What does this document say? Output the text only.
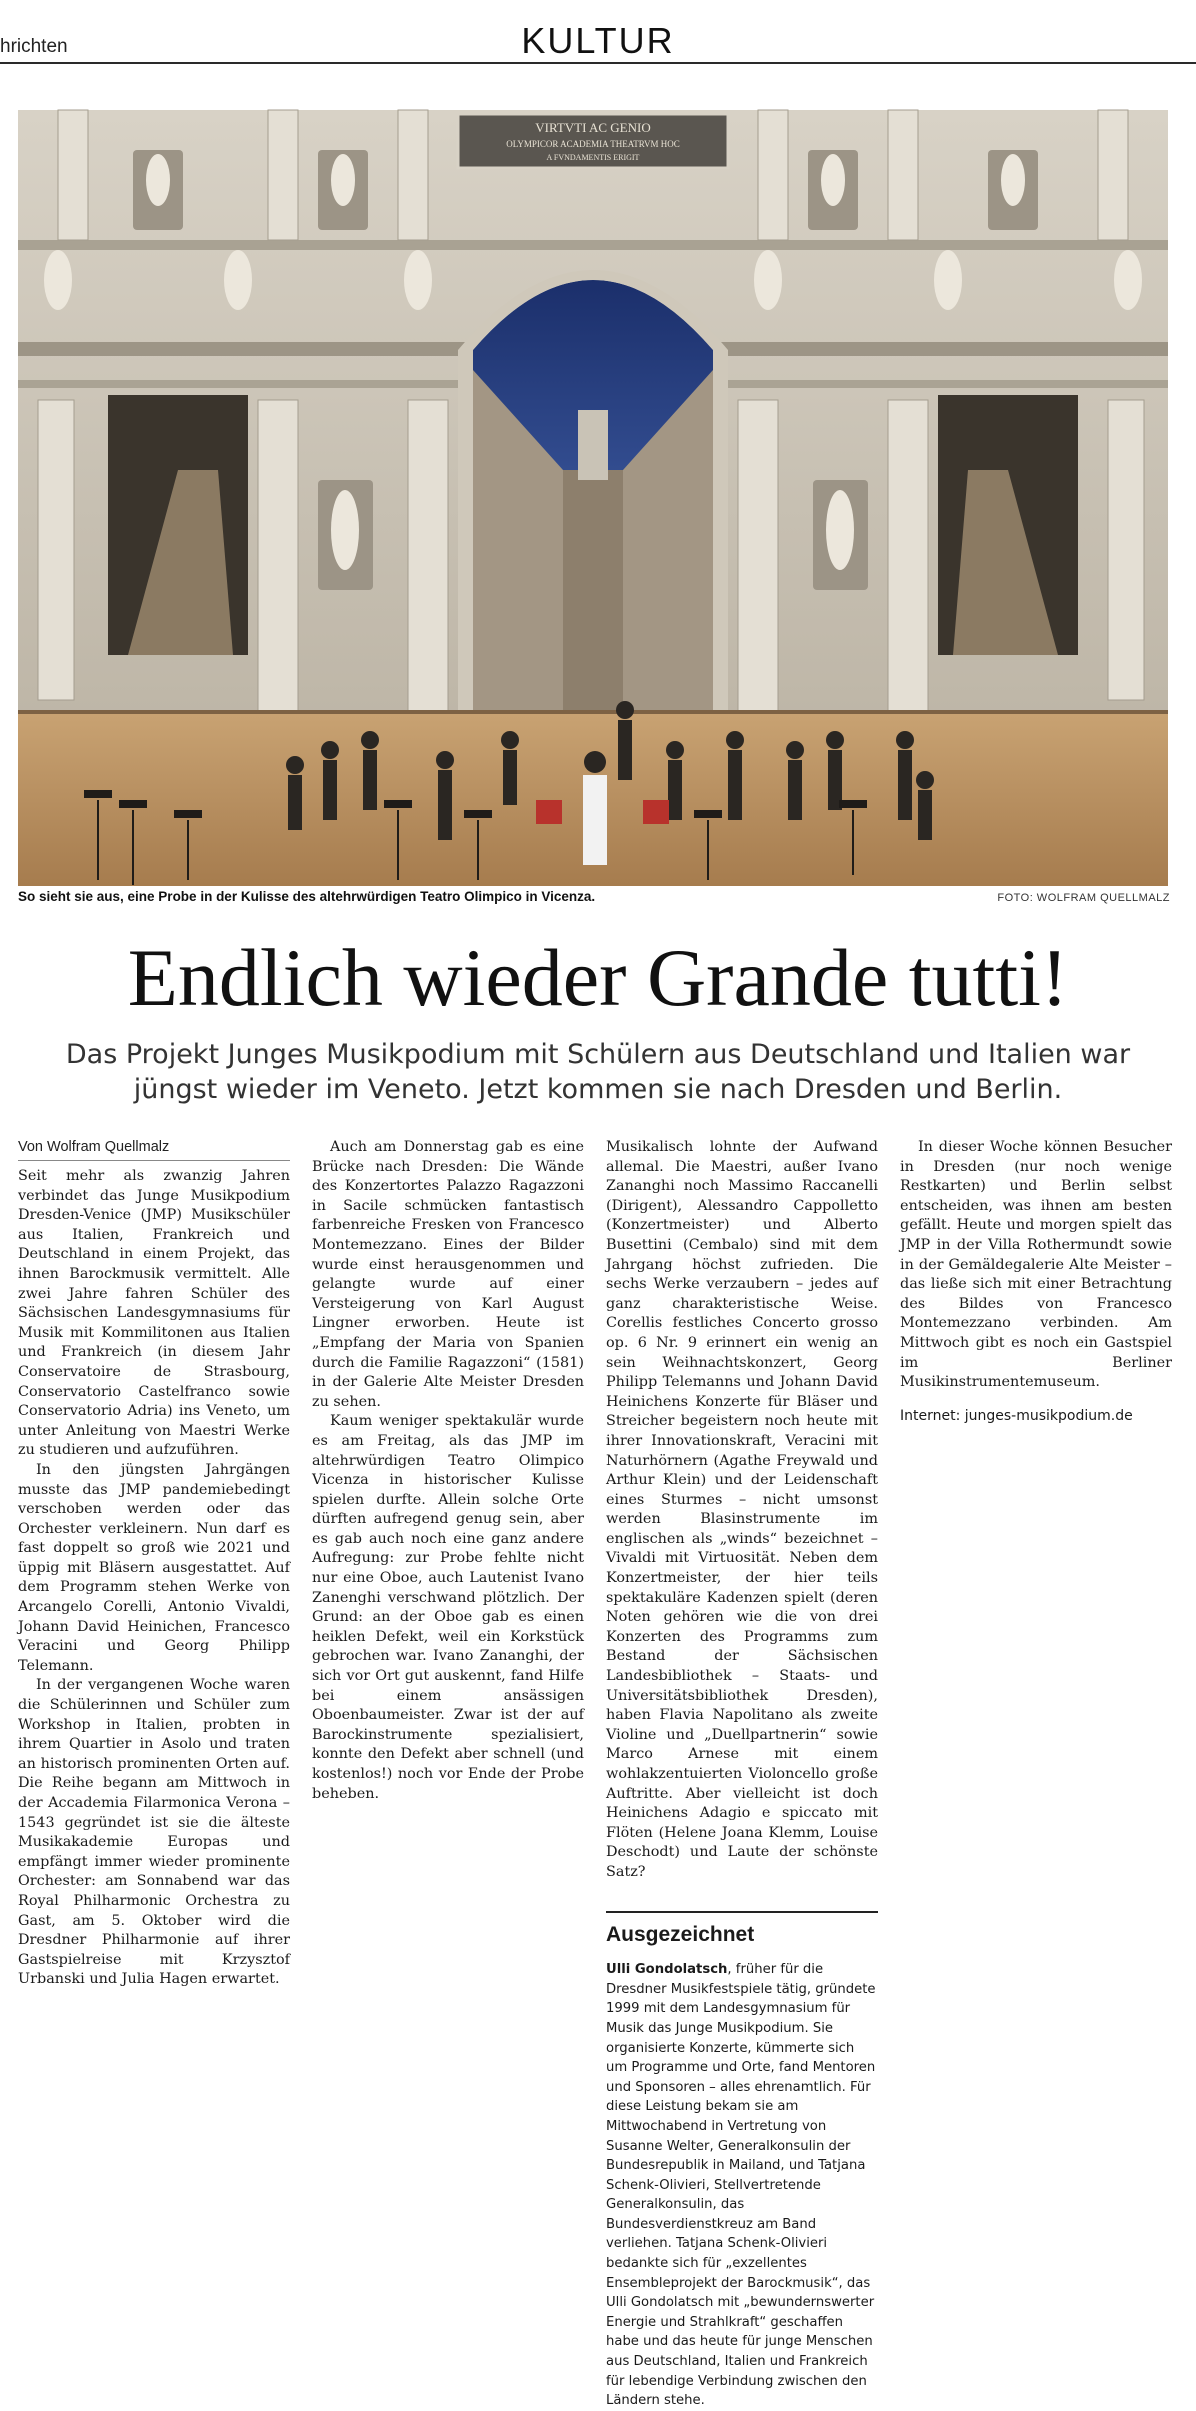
hrichten	KULTUR
VIRTVTI AC GENIO
OLYMPICOR ACADEMIA THEATRVM HOC
A FVNDAMENTIS ERIGIT
So sieht sie aus, eine Probe in der Kulisse des altehrwürdigen Teatro Olimpico in Vicenza.	FOTO: WOLFRAM QUELLMALZ
Endlich wieder Grande tutti!
Das Projekt Junges Musikpodium mit Schülern aus Deutschland und Italien war jüngst wieder im Veneto. Jetzt kommen sie nach Dresden und Berlin.
Von Wolfram Quellmalz

Seit mehr als zwanzig Jahren verbindet das Junge Musikpodium Dresden-Venice (JMP) Musikschüler aus Italien, Frankreich und Deutschland in einem Projekt, das ihnen Barockmusik vermittelt. Alle zwei Jahre fahren Schüler des Sächsischen Landesgymnasiums für Musik mit Kommilitonen aus Italien und Frankreich (in diesem Jahr Conservatoire de Strasbourg, Conservatorio Castelfranco sowie Conservatorio Adria) ins Veneto, um unter Anleitung von Maestri Werke zu studieren und aufzuführen.

In den jüngsten Jahrgängen musste das JMP pandemiebedingt verschoben werden oder das Orchester verkleinern. Nun darf es fast doppelt so groß wie 2021 und üppig mit Bläsern ausgestattet. Auf dem Programm stehen Werke von Arcangelo Corelli, Antonio Vivaldi, Johann David Heinichen, Francesco Veracini und Georg Philipp Telemann.

In der vergangenen Woche waren die Schülerinnen und Schüler zum Workshop in Italien, probten in ihrem Quartier in Asolo und traten an historisch prominenten Orten auf. Die Reihe begann am Mittwoch in der Accademia Filarmonica Verona – 1543 gegründet ist sie die älteste Musikakademie Europas und empfängt immer wieder prominente Orchester: am Sonnabend war das Royal Philharmonic Orchestra zu Gast, am 5. Oktober wird die Dresdner Philharmonie auf ihrer Gastspielreise mit Krzysztof Urbanski und Julia Hagen erwartet.

Auch am Donnerstag gab es eine Brücke nach Dresden: Die Wände des Konzertortes Palazzo Ragazzoni in Sacile schmücken fantastisch farbenreiche Fresken von Francesco Montemezzano. Eines der Bilder wurde einst herausgenommen und gelangte wurde auf einer Versteigerung von Karl August Lingner erworben. Heute ist „Empfang der Maria von Spanien durch die Familie Ragazzoni“ (1581) in der Galerie Alte Meister Dresden zu sehen.

Kaum weniger spektakulär wurde es am Freitag, als das JMP im altehrwürdigen Teatro Olimpico Vicenza in historischer Kulisse spielen durfte. Allein solche Orte dürften aufregend genug sein, aber es gab auch noch eine ganz andere Aufregung: zur Probe fehlte nicht nur eine Oboe, auch Lautenist Ivano Zanenghi verschwand plötzlich. Der Grund: an der Oboe gab es einen heiklen Defekt, weil ein Korkstück gebrochen war. Ivano Zananghi, der sich vor Ort gut auskennt, fand Hilfe bei einem ansässigen Oboenbaumeister. Zwar ist der auf Barockinstrumente spezialisiert, konnte den Defekt aber schnell (und kostenlos!) noch vor Ende der Probe beheben.

Musikalisch lohnte der Aufwand allemal. Die Maestri, außer Ivano Zananghi noch Massimo Raccanelli (Dirigent), Alessandro Cappolletto (Konzertmeister) und Alberto Busettini (Cembalo) sind mit dem Jahrgang höchst zufrieden. Die sechs Werke verzaubern – jedes auf ganz charakteristische Weise. Corellis festliches Concerto grosso op. 6 Nr. 9 erinnert ein wenig an sein Weihnachtskonzert, Georg Philipp Telemanns und Johann David Heinichens Konzerte für Bläser und Streicher begeistern noch heute mit ihrer Innovationskraft, Veracini mit Naturhörnern (Agathe Freywald und Arthur Klein) und der Leidenschaft eines Sturmes – nicht umsonst werden Blasinstrumente im englischen als „winds“ bezeichnet – Vivaldi mit Virtuosität. Neben dem Konzertmeister, der hier teils spektakuläre Kadenzen spielt (deren Noten gehören wie die von drei Konzerten des Programms zum Bestand der Sächsischen Landesbibliothek – Staats- und Universitätsbibliothek Dresden), haben Flavia Napolitano als zweite Violine und „Duellpartnerin“ sowie Marco Arnese mit einem wohlakzentuierten Violoncello großе Auftritte. Aber vielleicht ist doch Heinichens Adagio e spiccato mit Flöten (Helene Joana Klemm, Louise Deschodt) und Laute der schönste Satz?

Ausgezeichnet
Ulli Gondolatsch, früher für die Dresdner Musikfestspiele tätig, gründete 1999 mit dem Landesgymnasium für Musik das Junge Musikpodium. Sie organisierte Konzerte, kümmerte sich um Programme und Orte, fand Mentoren und Sponsoren – alles ehrenamtlich. Für diese Leistung bekam sie am Mittwochabend in Vertretung von Susanne Welter, Generalkonsulin der Bundesrepublik in Mailand, und Tatjana Schenk-Olivieri, Stellvertretende Generalkonsulin, das Bundesverdienstkreuz am Band verliehen. Tatjana Schenk-Olivieri bedankte sich für „exzellentes Ensembleprojekt der Barockmusik“, das Ulli Gondolatsch mit „bewundernswerter Energie und Strahlkraft“ geschaffen habe und das heute für junge Menschen aus Deutschland, Italien und Frankreich für lebendige Verbindung zwischen den Ländern stehe.

In dieser Woche können Besucher in Dresden (nur noch wenige Restkarten) und Berlin selbst entscheiden, was ihnen am besten gefällt. Heute und morgen spielt das JMP in der Villa Rothermundt sowie in der Gemäldegalerie Alte Meister – das ließe sich mit einer Betrachtung des Bildes von Francesco Montemezzano verbinden. Am Mittwoch gibt es noch ein Gastspiel im Berliner Musikinstrumentemuseum.

Internet: junges-musikpodium.de
